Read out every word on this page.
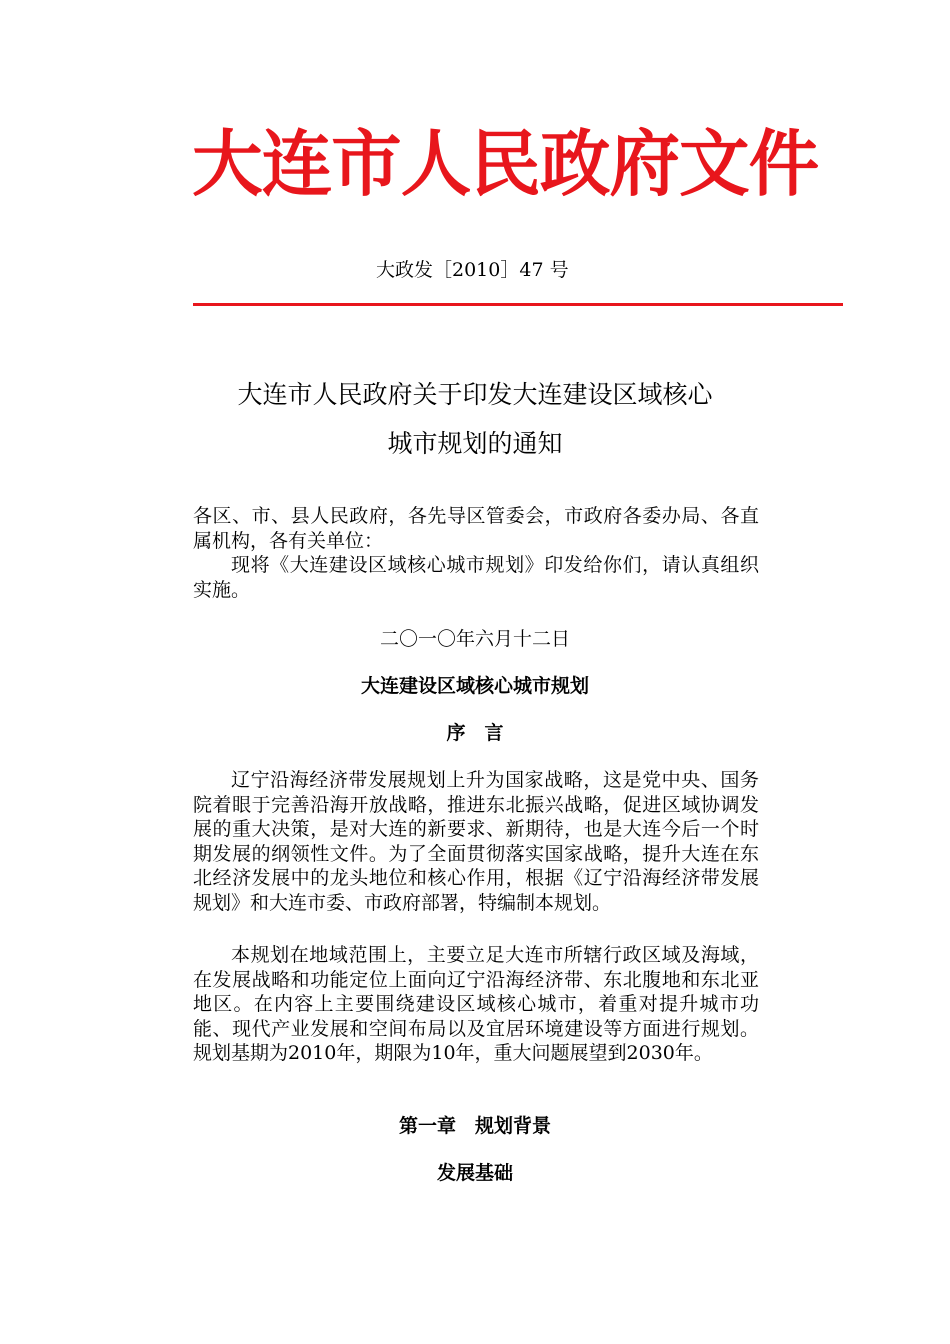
大连市人民政府文件
大政发［2010］47 号
大连市人民政府关于印发大连建设区域核心
城市规划的通知
各区、市、县人民政府，各先导区管委会，市政府各委办局、各直属机构，各有关单位：
现将《大连建设区域核心城市规划》印发给你们，请认真组织实施。
二〇一〇年六月十二日
大连建设区域核心城市规划
序　言
辽宁沿海经济带发展规划上升为国家战略，这是党中央、国务院着眼于完善沿海开放战略，推进东北振兴战略，促进区域协调发展的重大决策，是对大连的新要求、新期待，也是大连今后一个时期发展的纲领性文件。为了全面贯彻落实国家战略，提升大连在东北经济发展中的龙头地位和核心作用，根据《辽宁沿海经济带发展规划》和大连市委、市政府部署，特编制本规划。
本规划在地域范围上，主要立足大连市所辖行政区域及海域，在发展战略和功能定位上面向辽宁沿海经济带、东北腹地和东北亚地区。在内容上主要围绕建设区域核心城市，着重对提升城市功能、现代产业发展和空间布局以及宜居环境建设等方面进行规划。规划基期为2010年，期限为10年，重大问题展望到2030年。
第一章　规划背景
发展基础
